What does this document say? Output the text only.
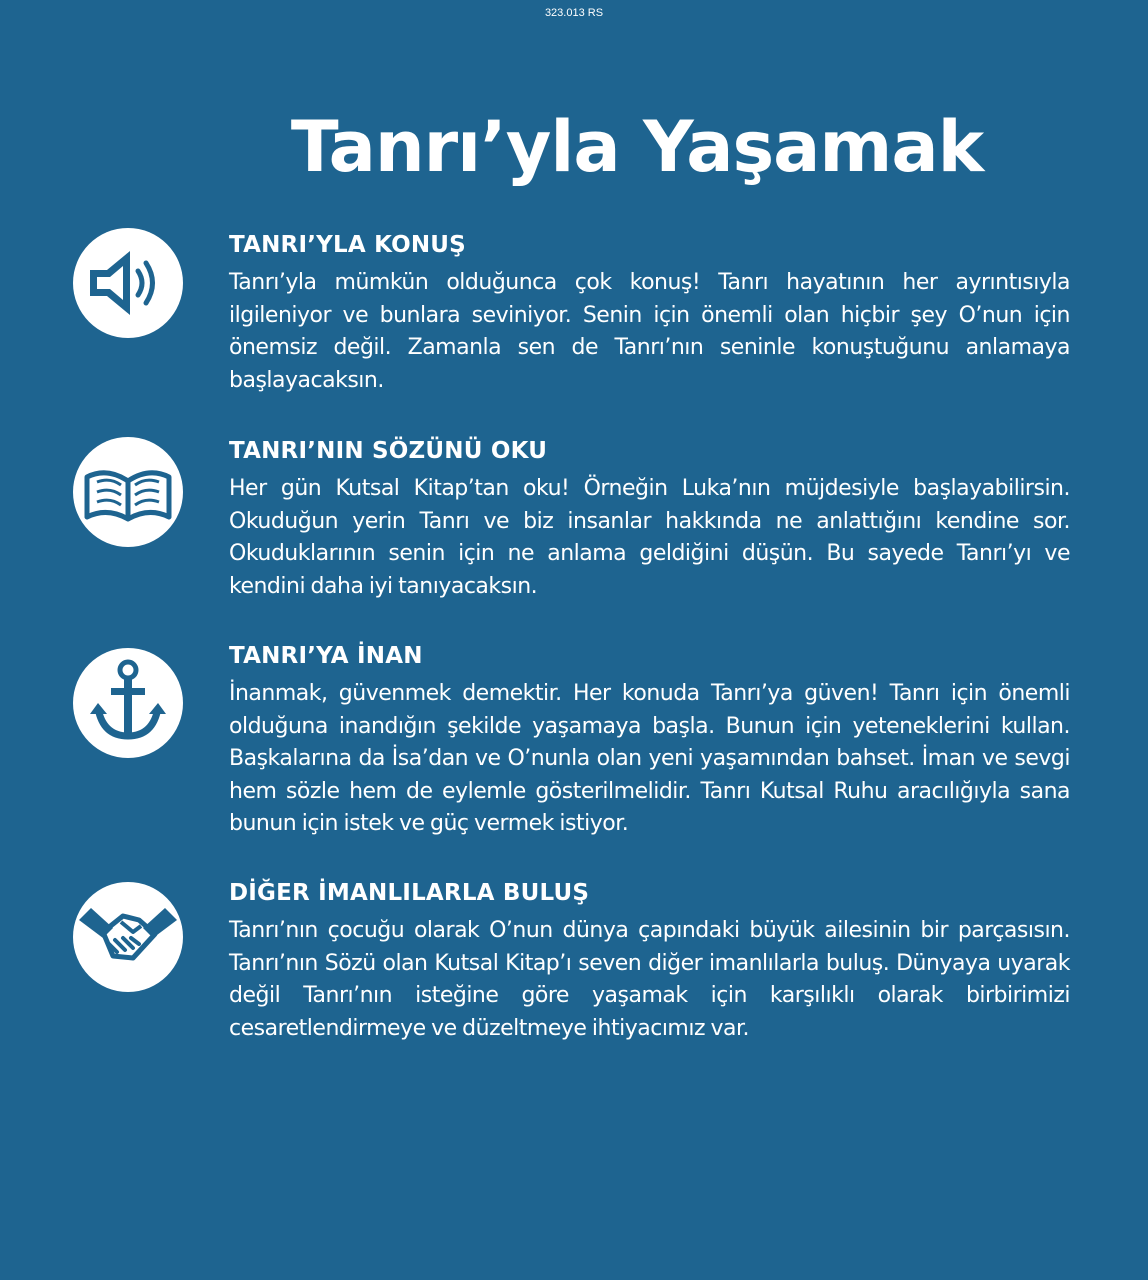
323.013 RS
Tanrı’yla Yaşamak
TANRI’YLA KONUŞ

Tanrı’yla mümkün olduğunca çok konuş! Tanrı hayatının her ayrıntısıyla ilgileniyor ve bunlara seviniyor. Senin için önemli olan hiçbir şey O’nun için önemsiz değil. Zamanla sen de Tanrı’nın seninle konuştuğunu anlamaya başlayacaksın.

TANRI’NIN SÖZÜNÜ OKU

Her gün Kutsal Kitap’tan oku! Örneğin Luka’nın müjdesiyle başlayabilirsin. Okuduğun yerin Tanrı ve biz insanlar hakkında ne anlattığını kendine sor. Okuduklarının senin için ne anlama geldiğini düşün. Bu sayede Tanrı’yı ve kendini daha iyi tanıyacaksın.

TANRI’YA İNAN

İnanmak, güvenmek demektir. Her konuda Tanrı’ya güven! Tanrı için önemli olduğuna inandığın şekilde yaşamaya başla. Bunun için yeteneklerini kullan. Başkalarına da İsa’dan ve O’nunla olan yeni yaşamından bahset. İman ve sevgi hem sözle hem de eylemle gösterilmelidir. Tanrı Kutsal Ruhu aracılığıyla sana bunun için istek ve güç vermek istiyor.

DİĞER İMANLILARLA BULUŞ

Tanrı’nın çocuğu olarak O’nun dünya çapındaki büyük ailesinin bir parçasısın. Tanrı’nın Sözü olan Kutsal Kitap’ı seven diğer imanlılarla buluş. Dünyaya uyarak değil Tanrı’nın isteğine göre yaşamak için karşılıklı olarak birbirimizi cesaretlendirmeye ve düzeltmeye ihtiyacımız var.
